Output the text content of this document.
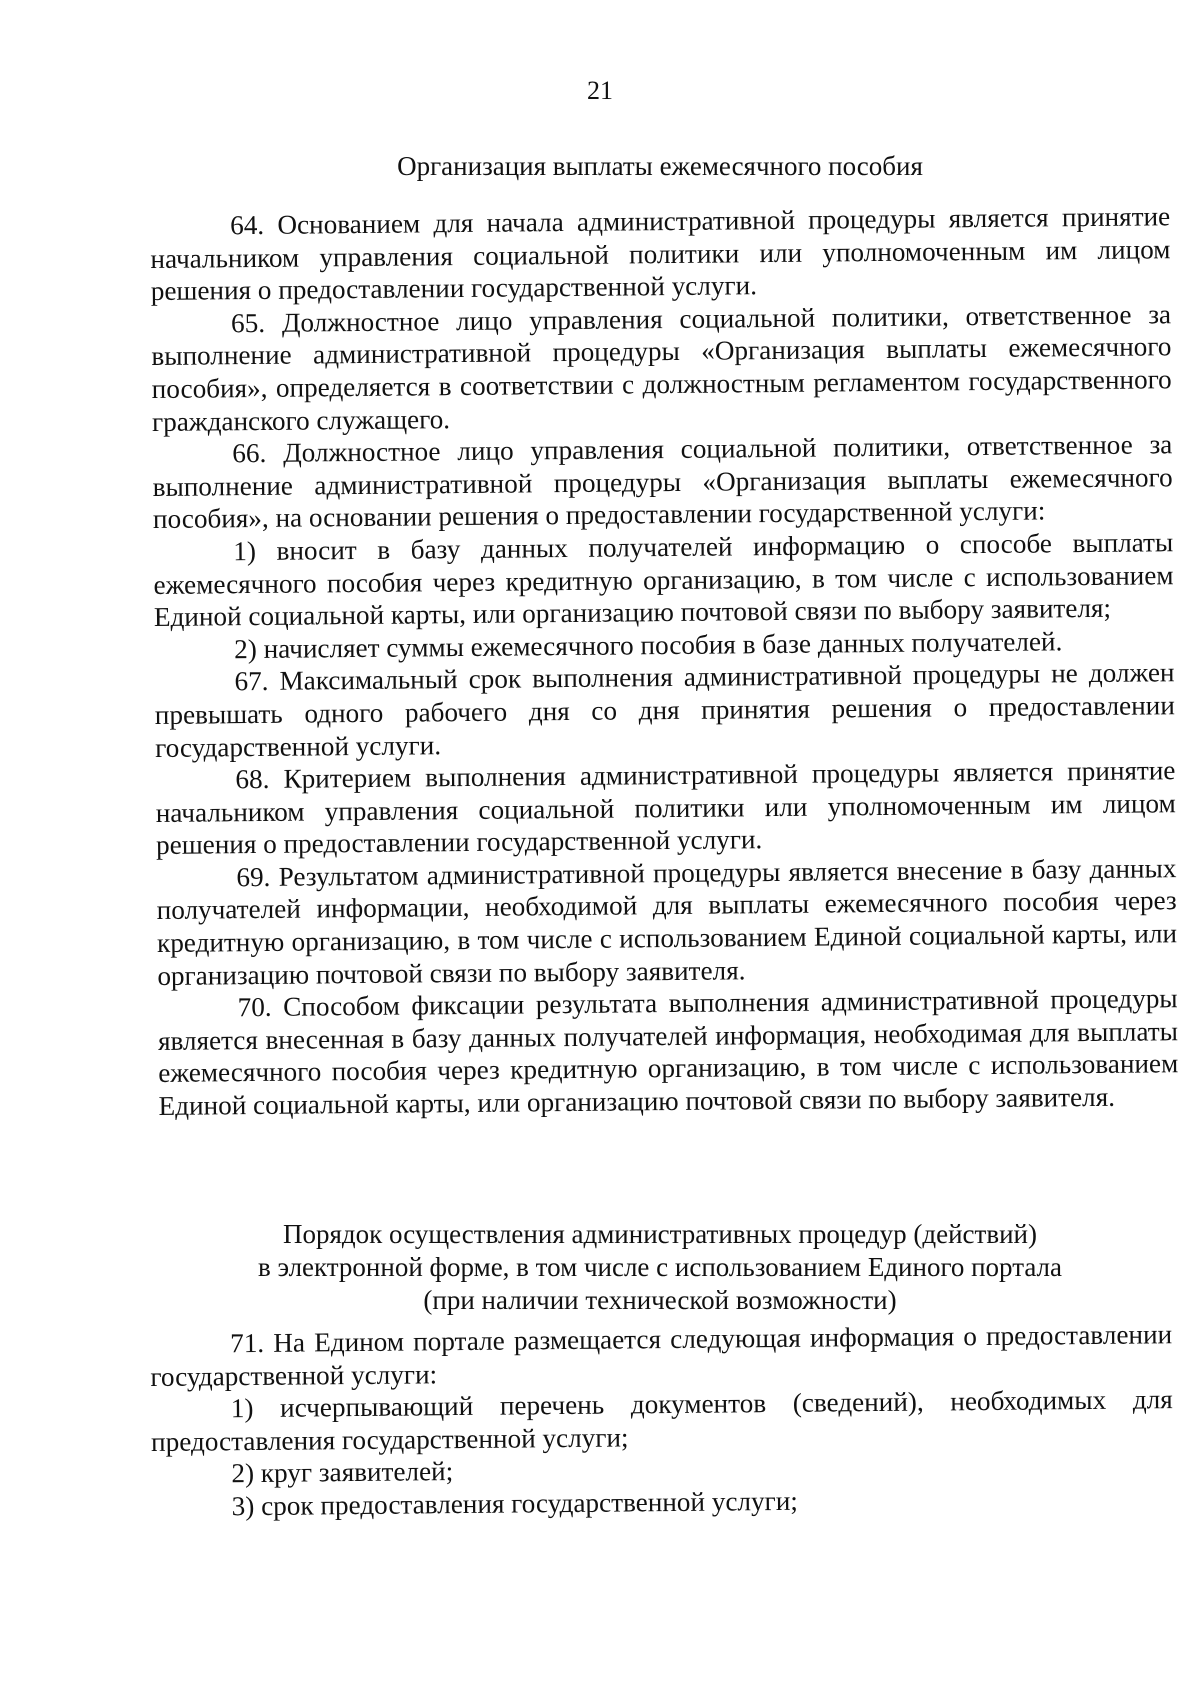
21

Организация выплаты ежемесячного пособия

64. Основанием для начала административной процедуры является принятие начальником управления социальной политики или уполномоченным им лицом решения о предоставлении государственной услуги.

65. Должностное лицо управления социальной политики, ответственное за выполнение административной процедуры «Организация выплаты ежемесячного пособия», определяется в соответствии с должностным регламентом государственного гражданского служащего.

66. Должностное лицо управления социальной политики, ответственное за выполнение административной процедуры «Организация выплаты ежемесячного пособия», на основании решения о предоставлении государственной услуги:

1) вносит в базу данных получателей информацию о способе выплаты ежемесячного пособия через кредитную организацию, в том числе с использованием Единой социальной карты, или организацию почтовой связи по выбору заявителя;

2) начисляет суммы ежемесячного пособия в базе данных получателей.

67. Максимальный срок выполнения административной процедуры не должен превышать одного рабочего дня со дня принятия решения о предоставлении государственной услуги.

68. Критерием выполнения административной процедуры является принятие начальником управления социальной политики или уполномоченным им лицом решения о предоставлении государственной услуги.

69. Результатом административной процедуры является внесение в базу данных получателей информации, необходимой для выплаты ежемесячного пособия через кредитную организацию, в том числе с использованием Единой социальной карты, или организацию почтовой связи по выбору заявителя.

70. Способом фиксации результата выполнения административной процедуры является внесенная в базу данных получателей информация, необходимая для выплаты ежемесячного пособия через кредитную организацию, в том числе с использованием Единой социальной карты, или организацию почтовой связи по выбору заявителя.

Порядок осуществления административных процедур (действий)
в электронной форме, в том числе с использованием Единого портала
(при наличии технической возможности)

71. На Едином портале размещается следующая информация о предоставлении государственной услуги:

1) исчерпывающий перечень документов (сведений), необходимых для предоставления государственной услуги;

2) круг заявителей;

3) срок предоставления государственной услуги;
